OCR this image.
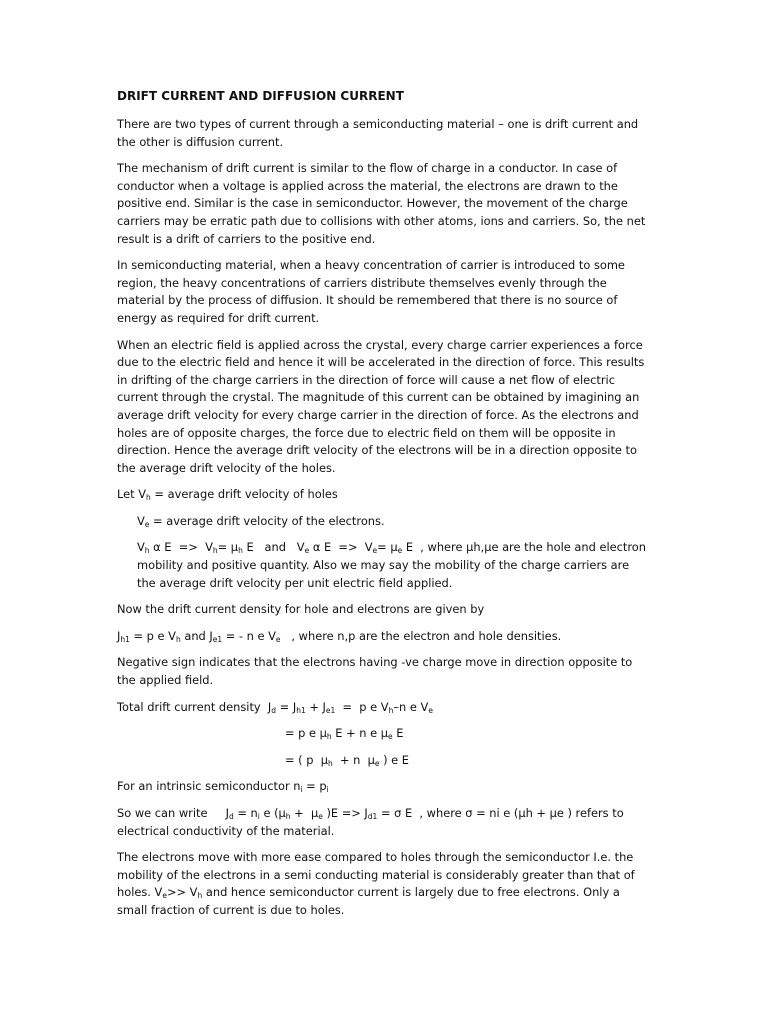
DRIFT CURRENT AND DIFFUSION CURRENT

There are two types of current through a semiconducting material – one is drift current and the other is diffusion current.

The mechanism of drift current is similar to the flow of charge in a conductor. In case of conductor when a voltage is applied across the material, the electrons are drawn to the positive end. Similar is the case in semiconductor. However, the movement of the charge carriers may be erratic path due to collisions with other atoms, ions and carriers. So, the net result is a drift of carriers to the positive end.

In semiconducting material, when a heavy concentration of carrier is introduced to some region, the heavy concentrations of carriers distribute themselves evenly through the material by the process of diffusion. It should be remembered that there is no source of energy as required for drift current.

When an electric field is applied across the crystal, every charge carrier experiences a force due to the electric field and hence it will be accelerated in the direction of force. This results in drifting of the charge carriers in the direction of force will cause a net flow of electric current through the crystal. The magnitude of this current can be obtained by imagining an average drift velocity for every charge carrier in the direction of force. As the electrons and holes are of opposite charges, the force due to electric field on them will be opposite in direction. Hence the average drift velocity of the electrons will be in a direction opposite to the average drift velocity of the holes.

Let $V_h$ = average drift velocity of holes

$V_e$ = average drift velocity of the electrons.

$V_h$ α $E => V_h= \mu_h$ E   and   $V_e$ α $E => V_e= \mu_e$ E  , where μh,μe are the hole and electron mobility and positive quantity. Also we may say the mobility of the charge carriers are the average drift velocity per unit electric field applied.

Now the drift current density for hole and electrons are given by

$J_{h1} = p$ e $V_h$ and $J_{e1}$ = - n e $V_e$ , where n,p are the electron and hole densities.

Negative sign indicates that the electrons having -ve charge move in direction opposite to the applied field.

Total drift current density  $J_d = J_{h1} + J_{e1} = p$ e $V_h-n$ e $V_e$

= p e $\mu_h$ E + n e $\mu_e$ E

= ( p  $\mu_h + n$  $\mu_e$ ) e E

For an intrinsic semiconductor $n_i = p_i$

So we can write     $J_d = n_i$ e ($\mu_h + \mu_e$ )$E => J_{d1} = \sigma$ E  , where σ = ni e (μh + μe ) refers to electrical conductivity of the material.

The electrons move with more ease compared to holes through the semiconductor I.e. the mobility of the electrons in a semi conducting material is considerably greater than that of holes. $V_e>> V_h$ and hence semiconductor current is largely due to free electrons. Only a small fraction of current is due to holes.
